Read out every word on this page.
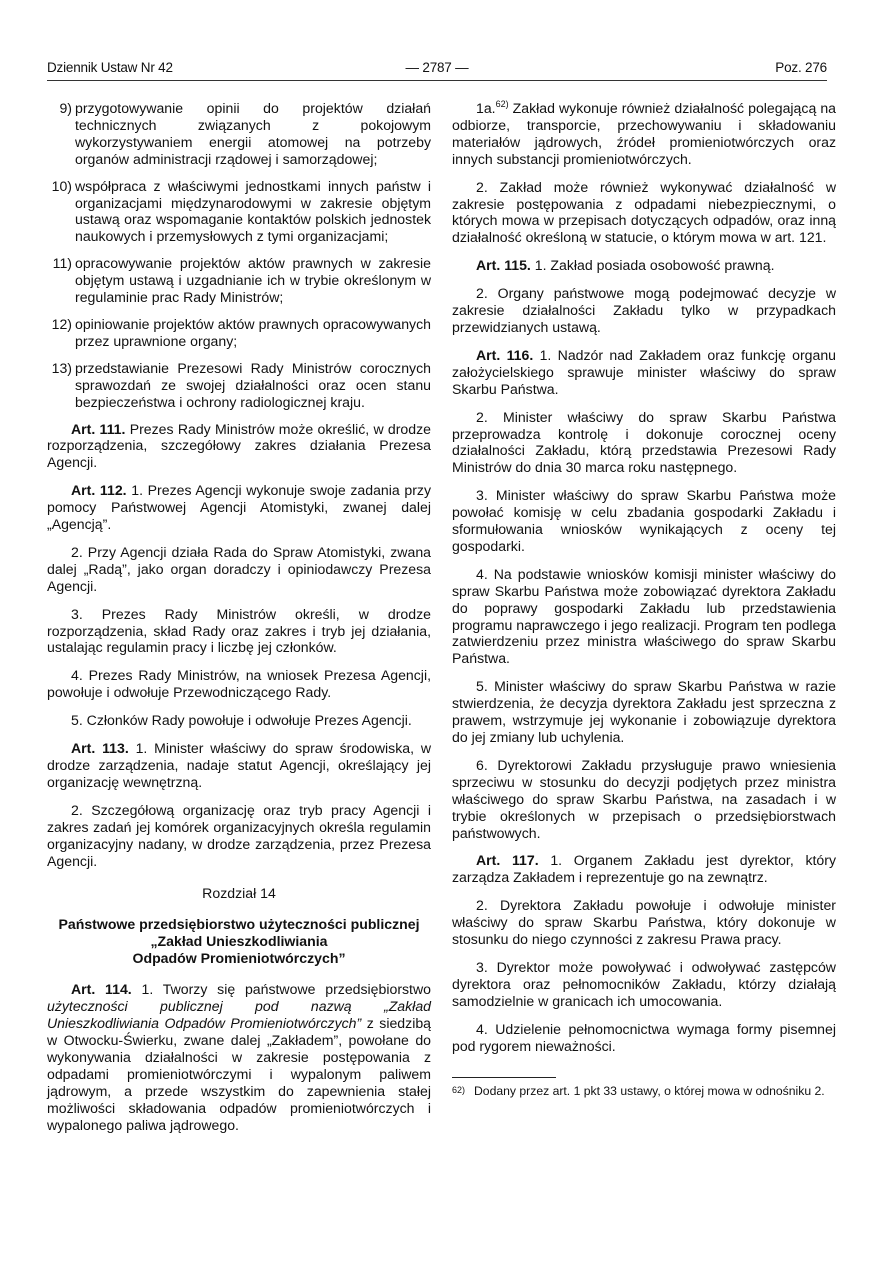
Dziennik Ustaw Nr 42	— 2787 —	Poz. 276
9) przygotowywanie opinii do projektów działań technicznych związanych z pokojowym wykorzystywaniem energii atomowej na potrzeby organów administracji rządowej i samorządowej;
10) współpraca z właściwymi jednostkami innych państw i organizacjami międzynarodowymi w zakresie objętym ustawą oraz wspomaganie kontaktów polskich jednostek naukowych i przemysłowych z tymi organizacjami;
11) opracowywanie projektów aktów prawnych w zakresie objętym ustawą i uzgadnianie ich w trybie określonym w regulaminie prac Rady Ministrów;
12) opiniowanie projektów aktów prawnych opracowywanych przez uprawnione organy;
13) przedstawianie Prezesowi Rady Ministrów corocznych sprawozdań ze swojej działalności oraz ocen stanu bezpieczeństwa i ochrony radiologicznej kraju.

Art. 111. Prezes Rady Ministrów może określić, w drodze rozporządzenia, szczegółowy zakres działania Prezesa Agencji.

Art. 112. 1. Prezes Agencji wykonuje swoje zadania przy pomocy Państwowej Agencji Atomistyki, zwanej dalej „Agencją”.

2. Przy Agencji działa Rada do Spraw Atomistyki, zwana dalej „Radą”, jako organ doradczy i opiniodawczy Prezesa Agencji.

3. Prezes Rady Ministrów określi, w drodze rozporządzenia, skład Rady oraz zakres i tryb jej działania, ustalając regulamin pracy i liczbę jej członków.

4. Prezes Rady Ministrów, na wniosek Prezesa Agencji, powołuje i odwołuje Przewodniczącego Rady.

5. Członków Rady powołuje i odwołuje Prezes Agencji.

Art. 113. 1. Minister właściwy do spraw środowiska, w drodze zarządzenia, nadaje statut Agencji, określający jej organizację wewnętrzną.

2. Szczegółową organizację oraz tryb pracy Agencji i zakres zadań jej komórek organizacyjnych określa regulamin organizacyjny nadany, w drodze zarządzenia, przez Prezesa Agencji.

Rozdział 14
Państwowe przedsiębiorstwo użyteczności publicznej
„Zakład Unieszkodliwiania
Odpadów Promieniotwórczych”

Art. 114. 1. Tworzy się państwowe przedsiębiorstwo użyteczności publicznej pod nazwą „Zakład Unieszkodliwiania Odpadów Promieniotwórczych” z siedzibą w Otwocku-Świerku, zwane dalej „Zakładem”, powołane do wykonywania działalności w zakresie postępowania z odpadami promieniotwórczymi i wypalonym paliwem jądrowym, a przede wszystkim do zapewnienia stałej możliwości składowania odpadów promieniotwórczych i wypalonego paliwa jądrowego.

1a.$^{62)}$ Zakład wykonuje również działalność polegającą na odbiorze, transporcie, przechowywaniu i składowaniu materiałów jądrowych, źródeł promieniotwórczych oraz innych substancji promieniotwórczych.

2. Zakład może również wykonywać działalność w zakresie postępowania z odpadami niebezpiecznymi, o których mowa w przepisach dotyczących odpadów, oraz inną działalność określoną w statucie, o którym mowa w art. 121.

Art. 115. 1. Zakład posiada osobowość prawną.

2. Organy państwowe mogą podejmować decyzje w zakresie działalności Zakładu tylko w przypadkach przewidzianych ustawą.

Art. 116. 1. Nadzór nad Zakładem oraz funkcję organu założycielskiego sprawuje minister właściwy do spraw Skarbu Państwa.

2. Minister właściwy do spraw Skarbu Państwa przeprowadza kontrolę i dokonuje corocznej oceny działalności Zakładu, którą przedstawia Prezesowi Rady Ministrów do dnia 30 marca roku następnego.

3. Minister właściwy do spraw Skarbu Państwa może powołać komisję w celu zbadania gospodarki Zakładu i sformułowania wniosków wynikających z oceny tej gospodarki.

4. Na podstawie wniosków komisji minister właściwy do spraw Skarbu Państwa może zobowiązać dyrektora Zakładu do poprawy gospodarki Zakładu lub przedstawienia programu naprawczego i jego realizacji. Program ten podlega zatwierdzeniu przez ministra właściwego do spraw Skarbu Państwa.

5. Minister właściwy do spraw Skarbu Państwa w razie stwierdzenia, że decyzja dyrektora Zakładu jest sprzeczna z prawem, wstrzymuje jej wykonanie i zobowiązuje dyrektora do jej zmiany lub uchylenia.

6. Dyrektorowi Zakładu przysługuje prawo wniesienia sprzeciwu w stosunku do decyzji podjętych przez ministra właściwego do spraw Skarbu Państwa, na zasadach i w trybie określonych w przepisach o przedsiębiorstwach państwowych.

Art. 117. 1. Organem Zakładu jest dyrektor, który zarządza Zakładem i reprezentuje go na zewnątrz.

2. Dyrektora Zakładu powołuje i odwołuje minister właściwy do spraw Skarbu Państwa, który dokonuje w stosunku do niego czynności z zakresu Prawa pracy.

3. Dyrektor może powoływać i odwoływać zastępców dyrektora oraz pełnomocników Zakładu, którzy działają samodzielnie w granicach ich umocowania.

4. Udzielenie pełnomocnictwa wymaga formy pisemnej pod rygorem nieważności.

62) Dodany przez art. 1 pkt 33 ustawy, o której mowa w odnośniku 2.
